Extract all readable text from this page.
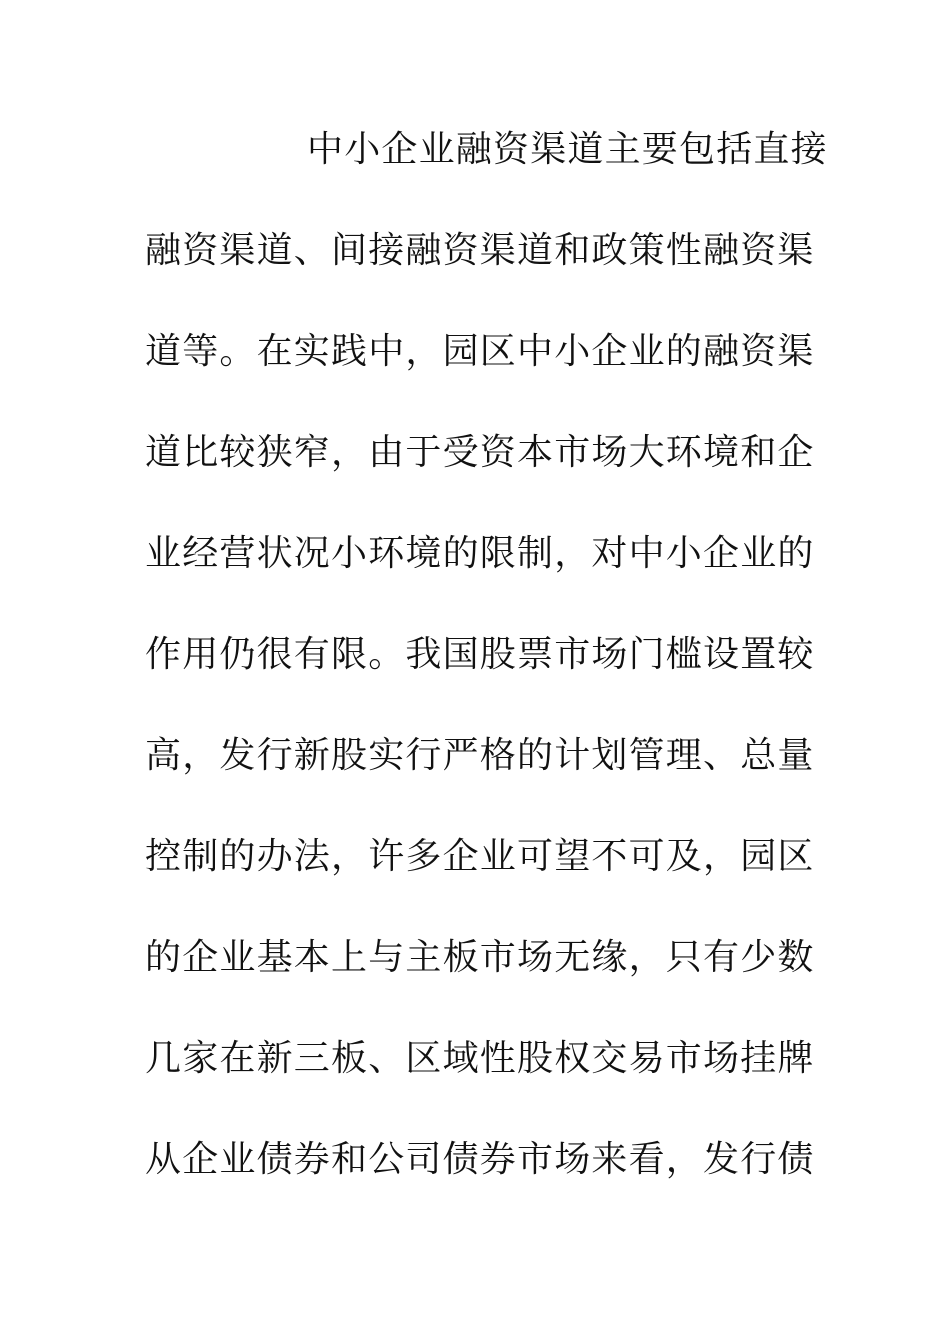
中小企业融资渠道主要包括直接
融资渠道、间接融资渠道和政策性融资渠
道等。在实践中，园区中小企业的融资渠
道比较狭窄，由于受资本市场大环境和企
业经营状况小环境的限制，对中小企业的
作用仍很有限。我国股票市场门槛设置较
高，发行新股实行严格的计划管理、总量
控制的办法，许多企业可望不可及，园区
的企业基本上与主板市场无缘，只有少数
几家在新三板、区域性股权交易市场挂牌
从企业债券和公司债券市场来看，发行债
